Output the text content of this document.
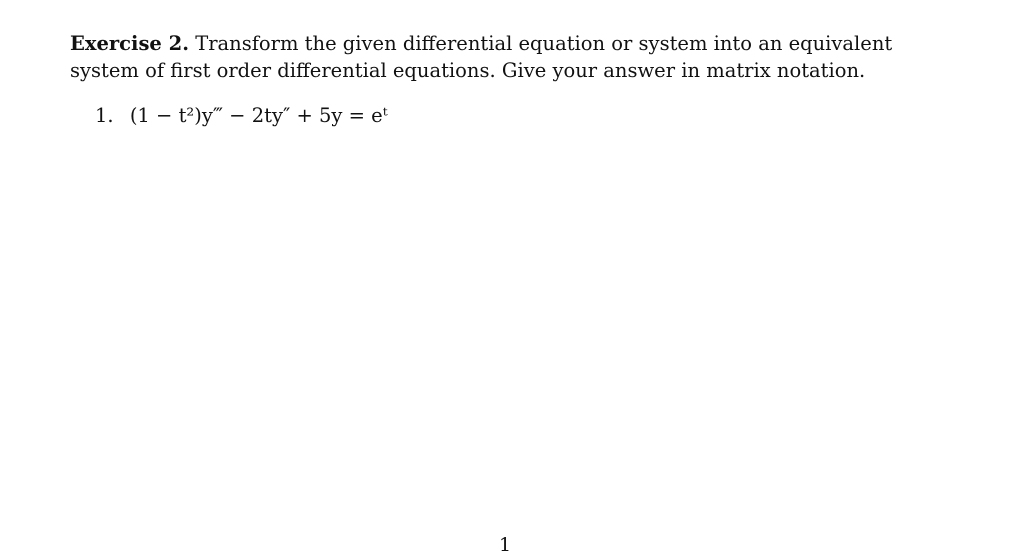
Exercise 2. Transform the given differential equation or system into an equivalent system of first order differential equations. Give your answer in matrix notation.

1. (1 − t²)y‴ − 2ty″ + 5y = eᵗ
1
